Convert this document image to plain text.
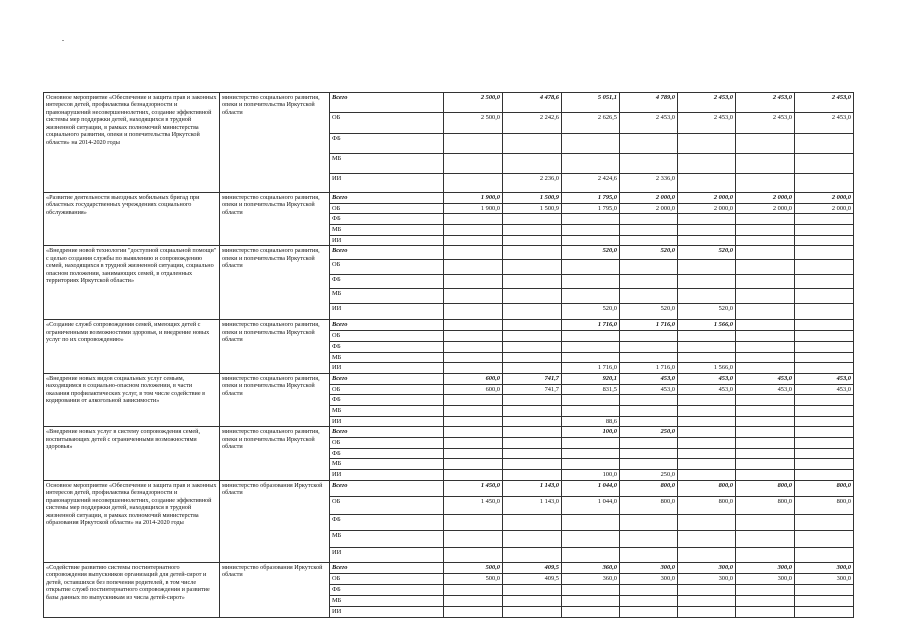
Основное мероприятие «Обеспечение и защита прав и законных интересов детей, профилактика безнадзорности и правонарушений несовершеннолетних, создание эффективной системы мер поддержки детей, находящихся в трудной жизненной ситуации, в рамках полномочий министерства социального развития, опеки и попечительства Иркутской области» на 2014-2020 годы	министерство социального развития, опеки и попечительства Иркутской области	Всего	2 500,0	4 478,6	5 051,1	4 789,0	2 453,0	2 453,0	2 453,0
		ОБ	2 500,0	2 242,6	2 626,5	2 453,0	2 453,0	2 453,0	2 453,0
		ФБ							
		МБ							
		ИИ		2 236,0	2 424,6	2 336,0			
«Развитие деятельности выездных мобильных бригад при областных государственных учреждениях социального обслуживания»	министерство социального развития, опеки и попечительства Иркутской области	Всего	1 900,0	1 500,9	1 795,0	2 000,0	2 000,0	2 000,0	2 000,0
		ОБ	1 900,0	1 500,9	1 795,0	2 000,0	2 000,0	2 000,0	2 000,0
		ФБ							
		МБ							
		ИИ							
«Внедрение новой технологии "доступной социальной помощи" с целью создания службы по выявлению и сопровождению семей, находящихся в трудной жизненной ситуации, социально опасном положении, занимающих семей, в отдаленных территориях Иркутской области»	министерство социального развития, опеки и попечительства Иркутской области	Всего			520,0	520,0	520,0		
		ОБ							
		ФБ							
		МБ							
		ИИ			520,0	520,0	520,0		
«Создание служб сопровождения семей, имеющих детей с ограниченными возможностями здоровья, и внедрение новых услуг по их сопровождению»	министерство социального развития, опеки и попечительства Иркутской области	Всего			1 716,0	1 716,0	1 566,0		
		ОБ							
		ФБ							
		МБ							
		ИИ			1 716,0	1 716,0	1 566,0		
«Внедрение новых видов социальных услуг семьям, находящимся в социально-опасном положении, в части оказания профилактических услуг, в том числе содействие в кодировании от алкогольной зависимости»	министерство социального развития, опеки и попечительства Иркутской области	Всего	600,0	741,7	920,1	453,0	453,0	453,0	453,0
		ОБ	600,0	741,7	831,5	453,0	453,0	453,0	453,0
		ФБ							
		МБ							
		ИИ			88,6				
«Внедрение новых услуг в систему сопровождения семей, воспитывающих детей с ограниченными возможностями здоровья»	министерство социального развития, опеки и попечительства Иркутской области	Всего			100,0	250,0			
		ОБ							
		ФБ							
		МБ							
		ИИ			100,0	250,0			
Основное мероприятие «Обеспечение и защита прав и законных интересов детей, профилактика безнадзорности и правонарушений несовершеннолетних, создание эффективной системы мер поддержки детей, находящихся в трудной жизненной ситуации, в рамках полномочий министерства образования Иркутской области» на 2014-2020 годы	министерство образования Иркутской области	Всего	1 450,0	1 143,0	1 044,0	800,0	800,0	800,0	800,0
		ОБ	1 450,0	1 143,0	1 044,0	800,0	800,0	800,0	800,0
		ФБ							
		МБ							
		ИИ							
«Содействие развитию системы постинтернатного сопровождения выпускников организаций для детей-сирот и детей, оставшихся без попечения родителей, в том числе открытие служб постинтернатного сопровождения и развитие базы данных по выпускникам из числа детей-сирот»	министерство образования Иркутской области	Всего	500,0	409,5	360,0	300,0	300,0	300,0	300,0
		ОБ	500,0	409,5	360,0	300,0	300,0	300,0	300,0
		ФБ							
		МБ							
		ИИ							
